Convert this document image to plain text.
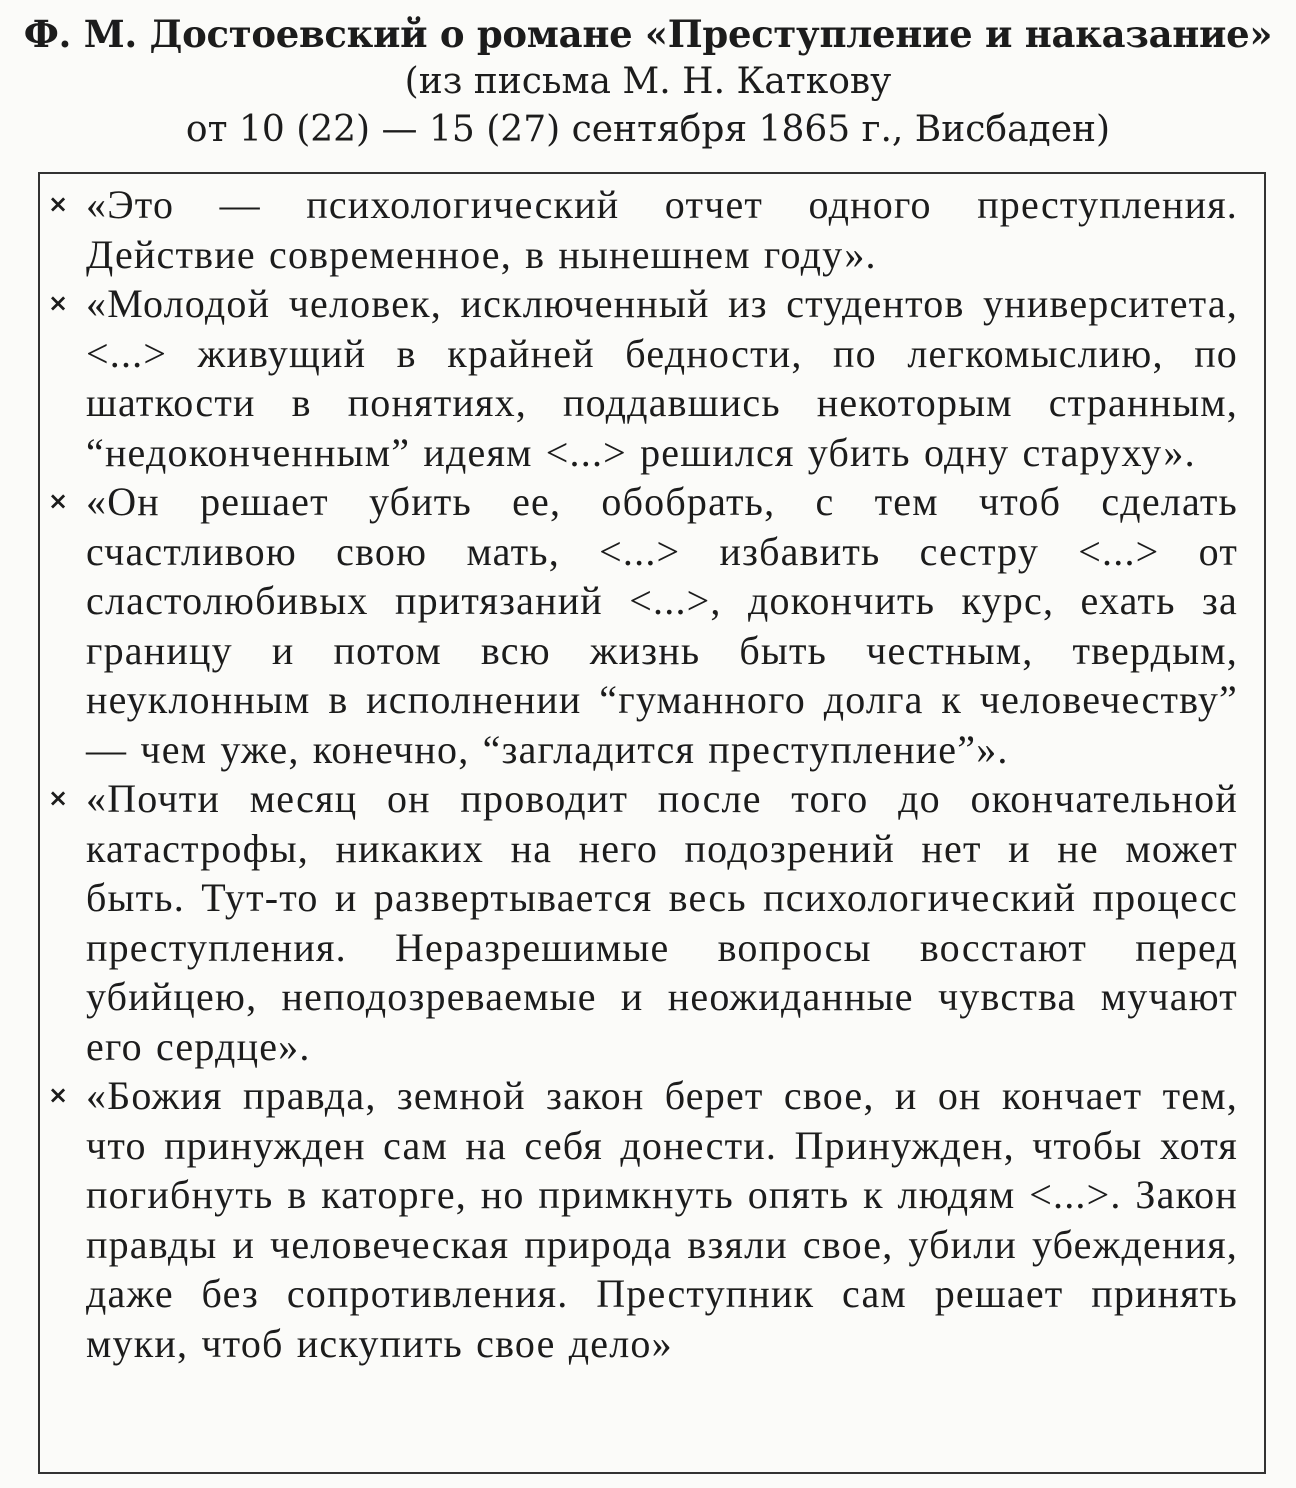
Ф. М. Достоевский о романе «Преступление и наказание»
(из письма М. Н. Каткову
от 10 (22) — 15 (27) сентября 1865 г., Висбаден)
× «Это — психологический отчет одного преступления. Действие современное, в нынешнем году».
× «Молодой человек, исключенный из студентов университета, <...> живущий в крайней бедности, по легкомыслию, по шаткости в понятиях, поддавшись некоторым странным, “недоконченным” идеям <...> решился убить одну старуху».
× «Он решает убить ее, обобрать, с тем чтоб сделать счастливою свою мать, <...> избавить сестру <...> от сластолюбивых притязаний <...>, докончить курс, ехать за границу и потом всю жизнь быть честным, твердым, неуклонным в исполнении “гуманного долга к человечеству” — чем уже, конечно, “загладится преступление”».
× «Почти месяц он проводит после того до окончательной катастрофы, никаких на него подозрений нет и не может быть. Тут-то и развертывается весь психологический процесс преступления. Неразрешимые вопросы восстают перед убийцею, неподозреваемые и неожиданные чувства мучают его сердце».
× «Божия правда, земной закон берет свое, и он кончает тем, что принужден сам на себя донести. Принужден, чтобы хотя погибнуть в каторге, но примкнуть опять к людям <...>. Закон правды и человеческая природа взяли свое, убили убеждения, даже без сопротивления. Преступник сам решает принять муки, чтоб искупить свое дело»
